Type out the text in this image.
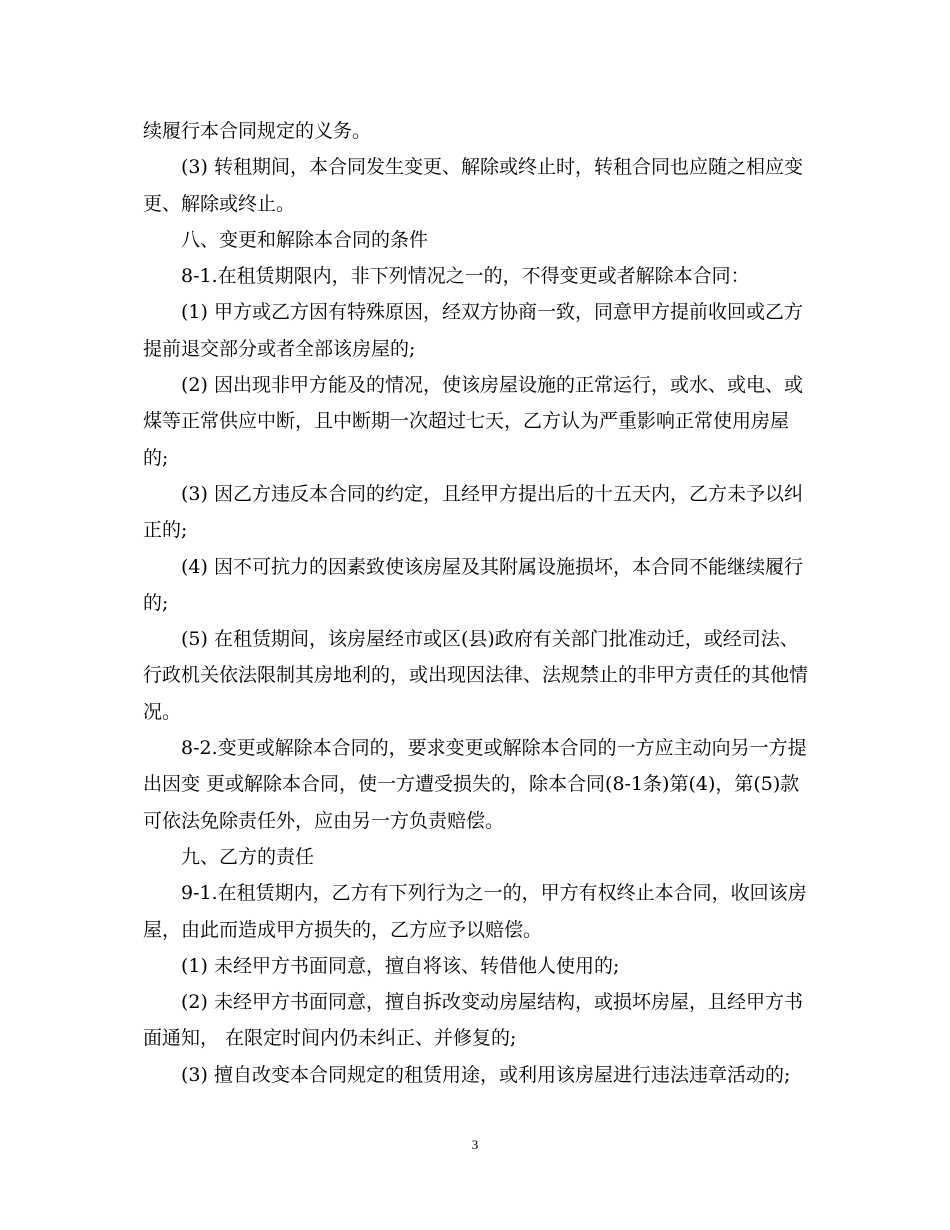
续履行本合同规定的义务。
(3) 转租期间，本合同发生变更、解除或终止时，转租合同也应随之相应变
更、解除或终止。
八、变更和解除本合同的条件
8-1.在租赁期限内，非下列情况之一的，不得变更或者解除本合同：
(1) 甲方或乙方因有特殊原因，经双方协商一致，同意甲方提前收回或乙方
提前退交部分或者全部该房屋的;
(2) 因出现非甲方能及的情况，使该房屋设施的正常运行，或水、或电、或
煤等正常供应中断，且中断期一次超过七天，乙方认为严重影响正常使用房屋
的;
(3) 因乙方违反本合同的约定，且经甲方提出后的十五天内，乙方未予以纠
正的;
(4) 因不可抗力的因素致使该房屋及其附属设施损坏，本合同不能继续履行
的;
(5) 在租赁期间，该房屋经市或区(县)政府有关部门批准动迁，或经司法、
行政机关依法限制其房地利的，或出现因法律、法规禁止的非甲方责任的其他情
况。
8-2.变更或解除本合同的，要求变更或解除本合同的一方应主动向另一方提
出因变 更或解除本合同，使一方遭受损失的，除本合同(8-1条)第(4)，第(5)款
可依法免除责任外，应由另一方负责赔偿。
九、乙方的责任
9-1.在租赁期内，乙方有下列行为之一的，甲方有权终止本合同，收回该房
屋，由此而造成甲方损失的，乙方应予以赔偿。
(1) 未经甲方书面同意，擅自将该、转借他人使用的;
(2) 未经甲方书面同意，擅自拆改变动房屋结构，或损坏房屋，且经甲方书
面通知， 在限定时间内仍未纠正、并修复的;
(3) 擅自改变本合同规定的租赁用途，或利用该房屋进行违法违章活动的;
3
